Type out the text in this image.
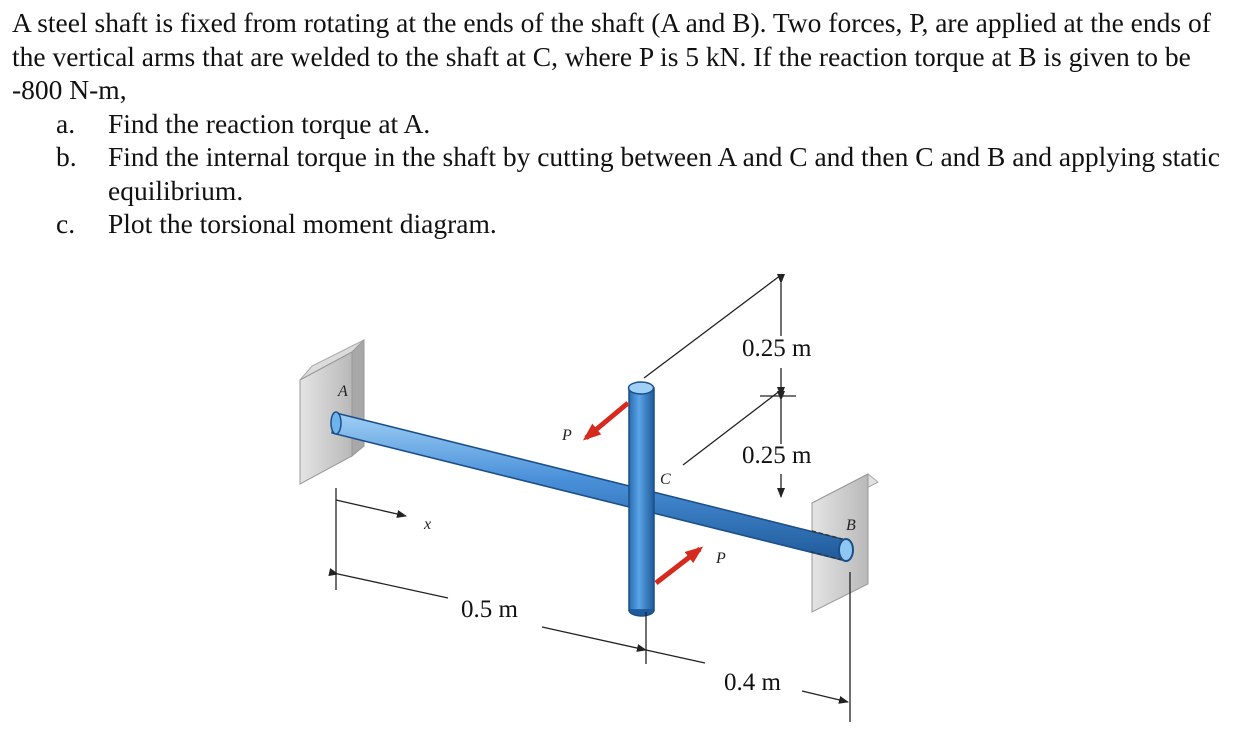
A steel shaft is fixed from rotating at the ends of the shaft (A and B). Two forces, P, are applied at the ends of the vertical arms that are welded to the shaft at C, where P is 5 kN. If the reaction torque at B is given to be -800 N-m,

a. Find the reaction torque at A.
b. Find the internal torque in the shaft by cutting between A and C and then C and B and applying static equilibrium.
c. Plot the torsional moment diagram.
A
B
C
P
P
x
0.25 m
0.25 m
0.5 m
0.4 m
